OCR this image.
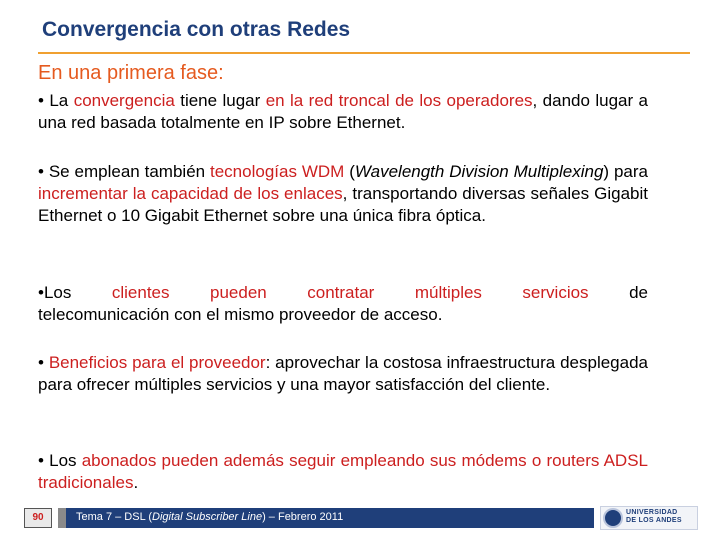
Convergencia con otras Redes
En una primera fase:
• La convergencia tiene lugar en la red troncal de los operadores, dando lugar a una red basada totalmente en IP sobre Ethernet.
• Se emplean también tecnologías WDM (Wavelength Division Multiplexing) para incrementar la capacidad de los enlaces, transportando diversas señales Gigabit Ethernet o 10 Gigabit Ethernet sobre una única fibra óptica.
•Los clientes pueden contratar múltiples servicios de
telecomunicación con el mismo proveedor de acceso.
• Beneficios para el proveedor: aprovechar la costosa infraestructura desplegada para ofrecer múltiples servicios y una mayor satisfacción del cliente.
• Los abonados pueden además seguir empleando sus módems o routers ADSL tradicionales.
90	Tema 7 – DSL (Digital Subscriber Line) – Febrero 2011	UNIVERSIDAD
DE LOS ANDES
